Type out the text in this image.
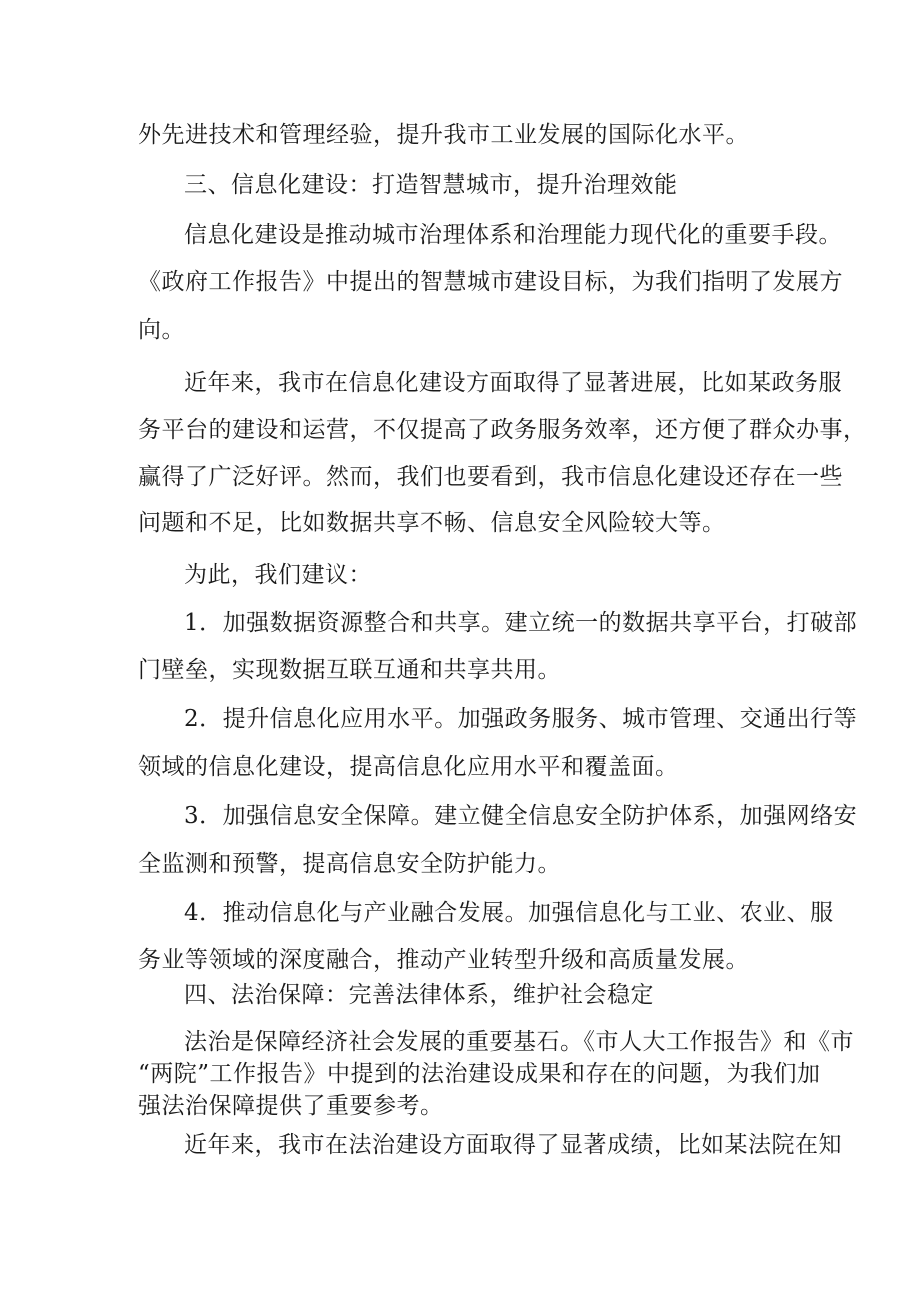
外先进技术和管理经验，提升我市工业发展的国际化水平。
三、信息化建设：打造智慧城市，提升治理效能
信息化建设是推动城市治理体系和治理能力现代化的重要手段。
《政府工作报告》中提出的智慧城市建设目标，为我们指明了发展方
向。
近年来，我市在信息化建设方面取得了显著进展，比如某政务服
务平台的建设和运营，不仅提高了政务服务效率，还方便了群众办事，
赢得了广泛好评。然而，我们也要看到，我市信息化建设还存在一些
问题和不足，比如数据共享不畅、信息安全风险较大等。
为此，我们建议：
1．加强数据资源整合和共享。建立统一的数据共享平台，打破部
门壁垒，实现数据互联互通和共享共用。
2．提升信息化应用水平。加强政务服务、城市管理、交通出行等
领域的信息化建设，提高信息化应用水平和覆盖面。
3．加强信息安全保障。建立健全信息安全防护体系，加强网络安
全监测和预警，提高信息安全防护能力。
4．推动信息化与产业融合发展。加强信息化与工业、农业、服
务业等领域的深度融合，推动产业转型升级和高质量发展。
四、法治保障：完善法律体系，维护社会稳定
法治是保障经济社会发展的重要基石。《市人大工作报告》和《市
“两院”工作报告》中提到的法治建设成果和存在的问题，为我们加
强法治保障提供了重要参考。
近年来，我市在法治建设方面取得了显著成绩，比如某法院在知
